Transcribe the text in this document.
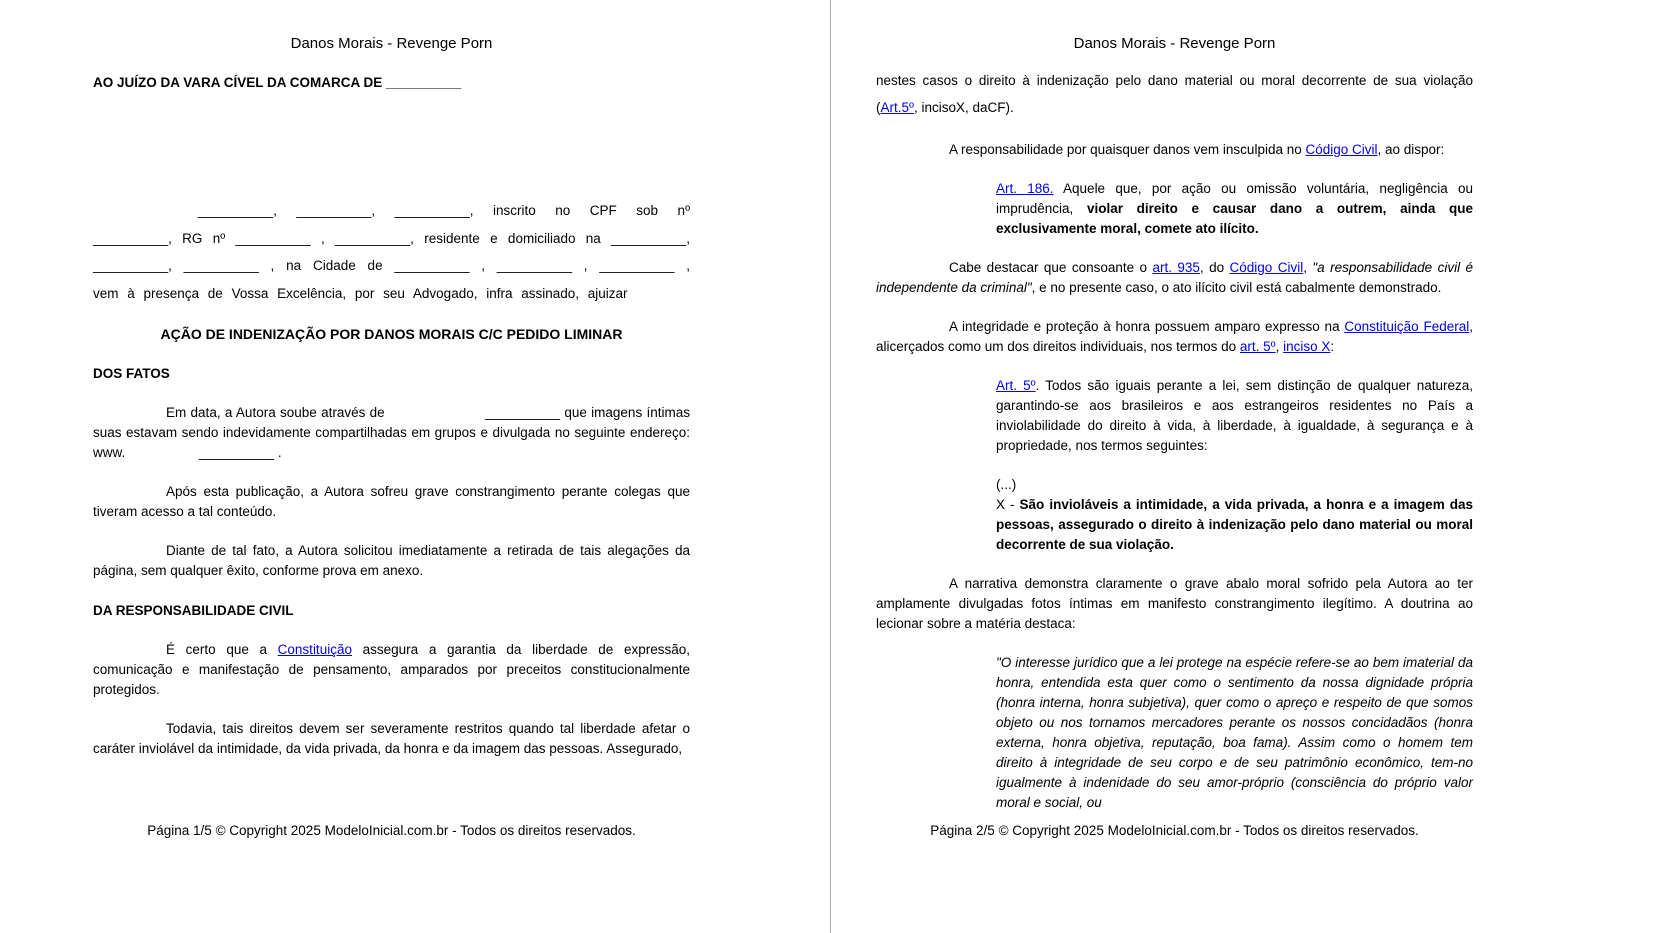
Danos Morais - Revenge Porn
AO JUÍZO DA VARA CÍVEL DA COMARCA DE __________
__________, __________, __________, inscrito no CPF sob nº __________, RG nº __________ , __________, residente e domiciliado na __________, __________, __________ , na Cidade de __________ , __________ , __________ , vem à presença de Vossa Excelência, por seu Advogado, infra assinado, ajuizar
AÇÃO DE INDENIZAÇÃO POR DANOS MORAIS C/C PEDIDO LIMINAR
DOS FATOS
Em data, a Autora soube através de	__________ que imagens íntimas suas estavam sendo indevidamente compartilhadas em grupos e divulgada no seguinte endereço: www.	__________ .
Após esta publicação, a Autora sofreu grave constrangimento perante colegas que tiveram acesso a tal conteúdo.
Diante de tal fato, a Autora solicitou imediatamente a retirada de tais alegações da página, sem qualquer êxito, conforme prova em anexo.
DA RESPONSABILIDADE CIVIL
É certo que a Constituição assegura a garantia da liberdade de expressão, comunicação e manifestação de pensamento, amparados por preceitos constitucionalmente protegidos.
Todavia, tais direitos devem ser severamente restritos quando tal liberdade afetar o caráter inviolável da intimidade, da vida privada, da honra e da imagem das pessoas. Assegurado,
Página 1/5 © Copyright 2025 ModeloInicial.com.br - Todos os direitos reservados.
Danos Morais - Revenge Porn
nestes casos o direito à indenização pelo dano material ou moral decorrente de sua violação (Art.5º, incisoX, daCF).
A responsabilidade por quaisquer danos vem insculpida no Código Civil, ao dispor:
Art. 186. Aquele que, por ação ou omissão voluntária, negligência ou imprudência, violar direito e causar dano a outrem, ainda que exclusivamente moral, comete ato ilícito.
Cabe destacar que consoante o art. 935, do Código Civil, "a responsabilidade civil é independente da criminal", e no presente caso, o ato ilícito civil está cabalmente demonstrado.
A integridade e proteção à honra possuem amparo expresso na Constituição Federal, alicerçados como um dos direitos individuais, nos termos do art. 5º, inciso X:
Art. 5º. Todos são iguais perante a lei, sem distinção de qualquer natureza, garantindo-se aos brasileiros e aos estrangeiros residentes no País a inviolabilidade do direito à vida, à liberdade, à igualdade, à segurança e à propriedade, nos termos seguintes:
(...)
X - São invioláveis a intimidade, a vida privada, a honra e a imagem das pessoas, assegurado o direito à indenização pelo dano material ou moral decorrente de sua violação.
A narrativa demonstra claramente o grave abalo moral sofrido pela Autora ao ter amplamente divulgadas fotos íntimas em manifesto constrangimento ilegítimo. A doutrina ao lecionar sobre a matéria destaca:
"O interesse jurídico que a lei protege na espécie refere-se ao bem imaterial da honra, entendida esta quer como o sentimento da nossa dignidade própria (honra interna, honra subjetiva), quer como o apreço e respeito de que somos objeto ou nos tornamos mercadores perante os nossos concidadãos (honra externa, honra objetiva, reputação, boa fama). Assim como o homem tem direito à integridade de seu corpo e de seu patrimônio econômico, tem-no igualmente à indenidade do seu amor-próprio (consciência do próprio valor moral e social, ou
Página 2/5 © Copyright 2025 ModeloInicial.com.br - Todos os direitos reservados.
